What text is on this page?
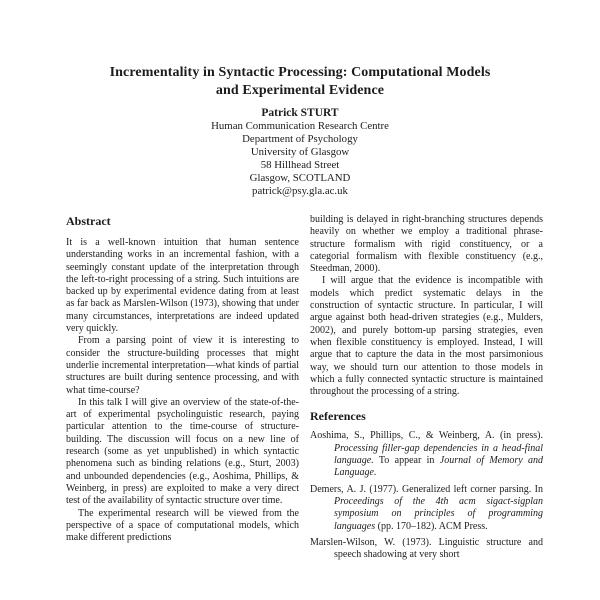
Incrementality in Syntactic Processing: Computational Models
and Experimental Evidence
Patrick STURT
Human Communication Research Centre
Department of Psychology
University of Glasgow
58 Hillhead Street
Glasgow, SCOTLAND
patrick@psy.gla.ac.uk
Abstract

It is a well-known intuition that human sentence understanding works in an incremental fashion, with a seemingly constant update of the interpretation through the left-to-right processing of a string. Such intuitions are backed up by experimental evidence dating from at least as far back as Marslen-Wilson (1973), showing that under many circumstances, interpretations are indeed updated very quickly.

From a parsing point of view it is interesting to consider the structure-building processes that might underlie incremental interpretation—what kinds of partial structures are built during sentence processing, and with what time-course?

In this talk I will give an overview of the state-of-the-art of experimental psycholinguistic research, paying particular attention to the time-course of structure-building. The discussion will focus on a new line of research (some as yet unpublished) in which syntactic phenomena such as binding relations (e.g., Sturt, 2003) and unbounded dependencies (e.g., Aoshima, Phillips, & Weinberg, in press) are exploited to make a very direct test of the availability of syntactic structure over time.

The experimental research will be viewed from the perspective of a space of computational models, which make different predictions

building is delayed in right-branching structures depends heavily on whether we employ a traditional phrase-structure formalism with rigid constituency, or a categorial formalism with flexible constituency (e.g., Steedman, 2000).

I will argue that the evidence is incompatible with models which predict systematic delays in the construction of syntactic structure. In particular, I will argue against both head-driven strategies (e.g., Mulders, 2002), and purely bottom-up parsing strategies, even when flexible constituency is employed. Instead, I will argue that to capture the data in the most parsimonious way, we should turn our attention to those models in which a fully connected syntactic structure is maintained throughout the processing of a string.

References
Aoshima, S., Phillips, C., & Weinberg, A. (in press). Processing filler-gap dependencies in a head-final language. To appear in Journal of Memory and Language.
Demers, A. J. (1977). Generalized left corner parsing. In Proceedings of the 4th acm sigact-sigplan symposium on principles of programming languages (pp. 170–182). ACM Press.
Marslen-Wilson, W. (1973). Linguistic structure and speech shadowing at very short
